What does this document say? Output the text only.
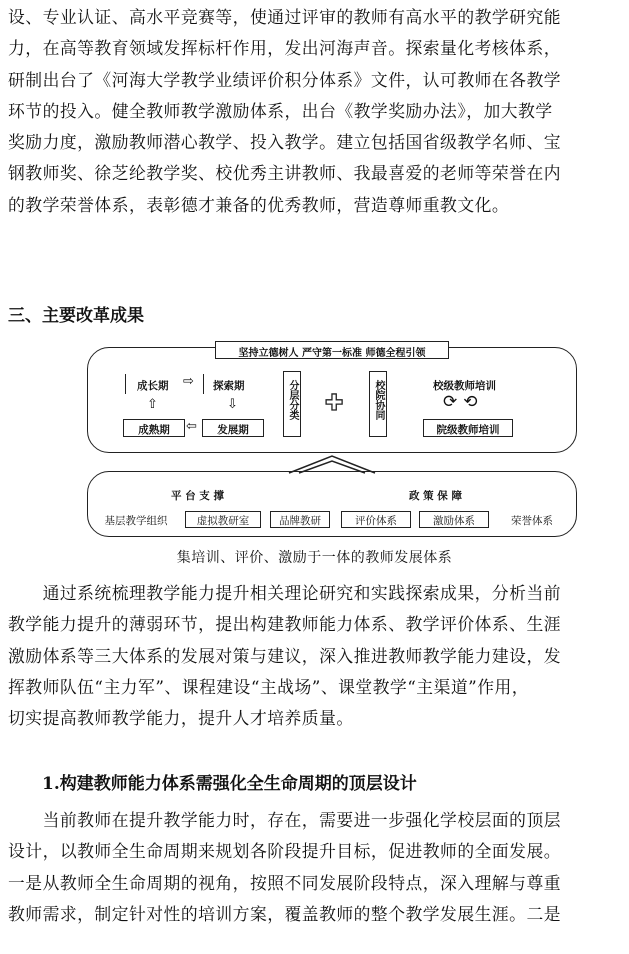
设、专业认证、高水平竞赛等，使通过评审的教师有高水平的教学研究能
力，在高等教育领域发挥标杆作用，发出河海声音。探索量化考核体系，
研制出台了《河海大学教学业绩评价积分体系》文件，认可教师在各教学
环节的投入。健全教师教学激励体系，出台《教学奖励办法》，加大教学
奖励力度，激励教师潜心教学、投入教学。建立包括国省级教学名师、宝
钢教师奖、徐芝纶教学奖、校优秀主讲教师、我最喜爱的老师等荣誉在内
的教学荣誉体系，表彰德才兼备的优秀教师，营造尊师重教文化。
三、主要改革成果
坚持立德树人 严守第一标准 师德全程引领
成长期 ⇨ 探索期
⇧	⇩
成熟期	⇦	发展期
分层分类 ✚	校院协同	校级教师培训
⟳⟲
院级教师培训
平 台 支 撑	政 策 保 障
基层教学组织	虚拟教研室	品牌教研	评价体系	激励体系	荣誉体系
集培训、评价、激励于一体的教师发展体系
　　通过系统梳理教学能力提升相关理论研究和实践探索成果，分析当前
教学能力提升的薄弱环节，提出构建教师能力体系、教学评价体系、生涯
激励体系等三大体系的发展对策与建议，深入推进教师教学能力建设，发
挥教师队伍“主力军”、课程建设“主战场”、课堂教学“主渠道”作用，
切实提高教师教学能力，提升人才培养质量。
1.构建教师能力体系需强化全生命周期的顶层设计
　　当前教师在提升教学能力时，存在，需要进一步强化学校层面的顶层
设计，以教师全生命周期来规划各阶段提升目标，促进教师的全面发展。
一是从教师全生命周期的视角，按照不同发展阶段特点，深入理解与尊重
教师需求，制定针对性的培训方案，覆盖教师的整个教学发展生涯。二是
